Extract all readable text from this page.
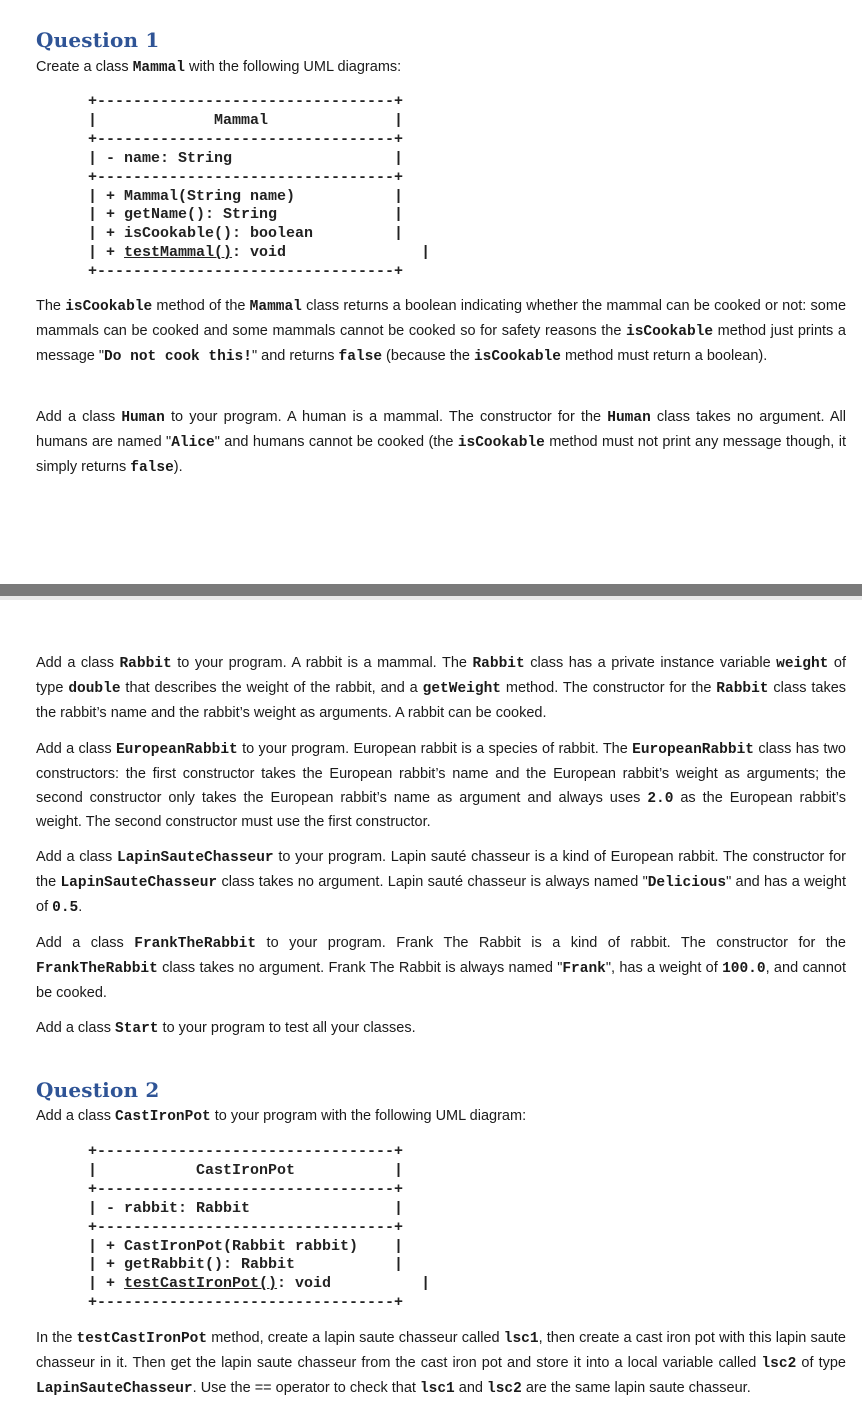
Question 1

Create a class Mammal with the following UML diagrams:

+---------------------------------+
|             Mammal              |
+---------------------------------+
| - name: String                  |
+---------------------------------+
| + Mammal(String name)           |
| + getName(): String             |
| + isCookable(): boolean         |
| + testMammal(): void               |
+---------------------------------+

The isCookable method of the Mammal class returns a boolean indicating whether the mammal can be cooked or not: some mammals can be cooked and some mammals cannot be cooked so for safety reasons the isCookable method just prints a message "Do not cook this!" and returns false (because the isCookable method must return a boolean).

Add a class Human to your program. A human is a mammal. The constructor for the Human class takes no argument. All humans are named "Alice" and humans cannot be cooked (the isCookable method must not print any message though, it simply returns false).

Add a class Rabbit to your program. A rabbit is a mammal. The Rabbit class has a private instance variable weight of type double that describes the weight of the rabbit, and a getWeight method. The constructor for the Rabbit class takes the rabbit’s name and the rabbit’s weight as arguments. A rabbit can be cooked.

Add a class EuropeanRabbit to your program. European rabbit is a species of rabbit. The EuropeanRabbit class has two constructors: the first constructor takes the European rabbit’s name and the European rabbit’s weight as arguments; the second constructor only takes the European rabbit’s name as argument and always uses 2.0 as the European rabbit’s weight. The second constructor must use the first constructor.

Add a class LapinSauteChasseur to your program. Lapin sauté chasseur is a kind of European rabbit. The constructor for the LapinSauteChasseur class takes no argument. Lapin sauté chasseur is always named "Delicious" and has a weight of 0.5.

Add a class FrankTheRabbit to your program. Frank The Rabbit is a kind of rabbit. The constructor for the FrankTheRabbit class takes no argument. Frank The Rabbit is always named "Frank", has a weight of 100.0, and cannot be cooked.

Add a class Start to your program to test all your classes.

Question 2

Add a class CastIronPot to your program with the following UML diagram:

+---------------------------------+
|           CastIronPot           |
+---------------------------------+
| - rabbit: Rabbit                |
+---------------------------------+
| + CastIronPot(Rabbit rabbit)    |
| + getRabbit(): Rabbit           |
| + testCastIronPot(): void          |
+---------------------------------+

In the testCastIronPot method, create a lapin saute chasseur called lsc1, then create a cast iron pot with this lapin saute chasseur in it. Then get the lapin saute chasseur from the cast iron pot and store it into a local variable called lsc2 of type LapinSauteChasseur. Use the == operator to check that lsc1 and lsc2 are the same lapin saute chasseur.
